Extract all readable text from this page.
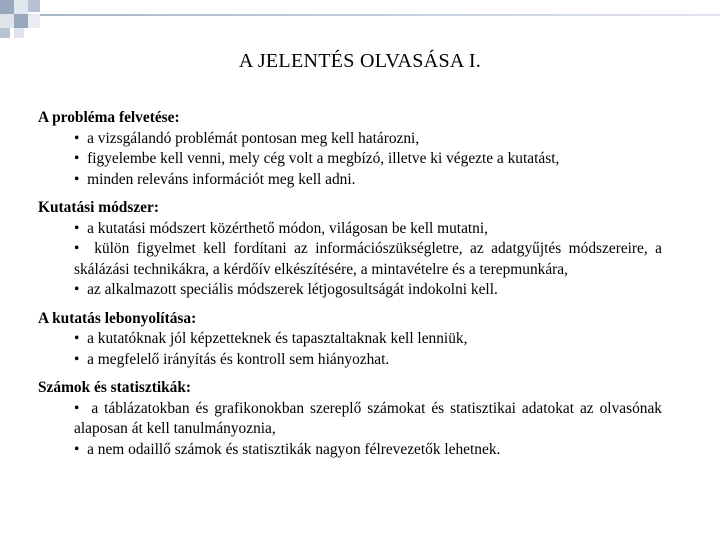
A JELENTÉS OLVASÁSA I.
A probléma felvetése:
• a vizsgálandó problémát pontosan meg kell határozni,
• figyelembe kell venni, mely cég volt a megbízó, illetve ki végezte a kutatást,
• minden releváns információt meg kell adni.
Kutatási módszer:
• a kutatási módszert közérthető módon, világosan be kell mutatni,
• külön figyelmet kell fordítani az információszükségletre, az adatgyűjtés módszereire, a skálázási technikákra, a kérdőív elkészítésére, a mintavételre és a terepmunkára,
• az alkalmazott speciális módszerek létjogosultságát indokolni kell.
A kutatás lebonyolítása:
• a kutatóknak jól képzetteknek és tapasztaltaknak kell lenniük,
• a megfelelő irányítás és kontroll sem hiányozhat.
Számok és statisztikák:
• a táblázatokban és grafikonokban szereplő számokat és statisztikai adatokat az olvasónak alaposan át kell tanulmányoznia,
• a nem odaillő számok és statisztikák nagyon félrevezetők lehetnek.
